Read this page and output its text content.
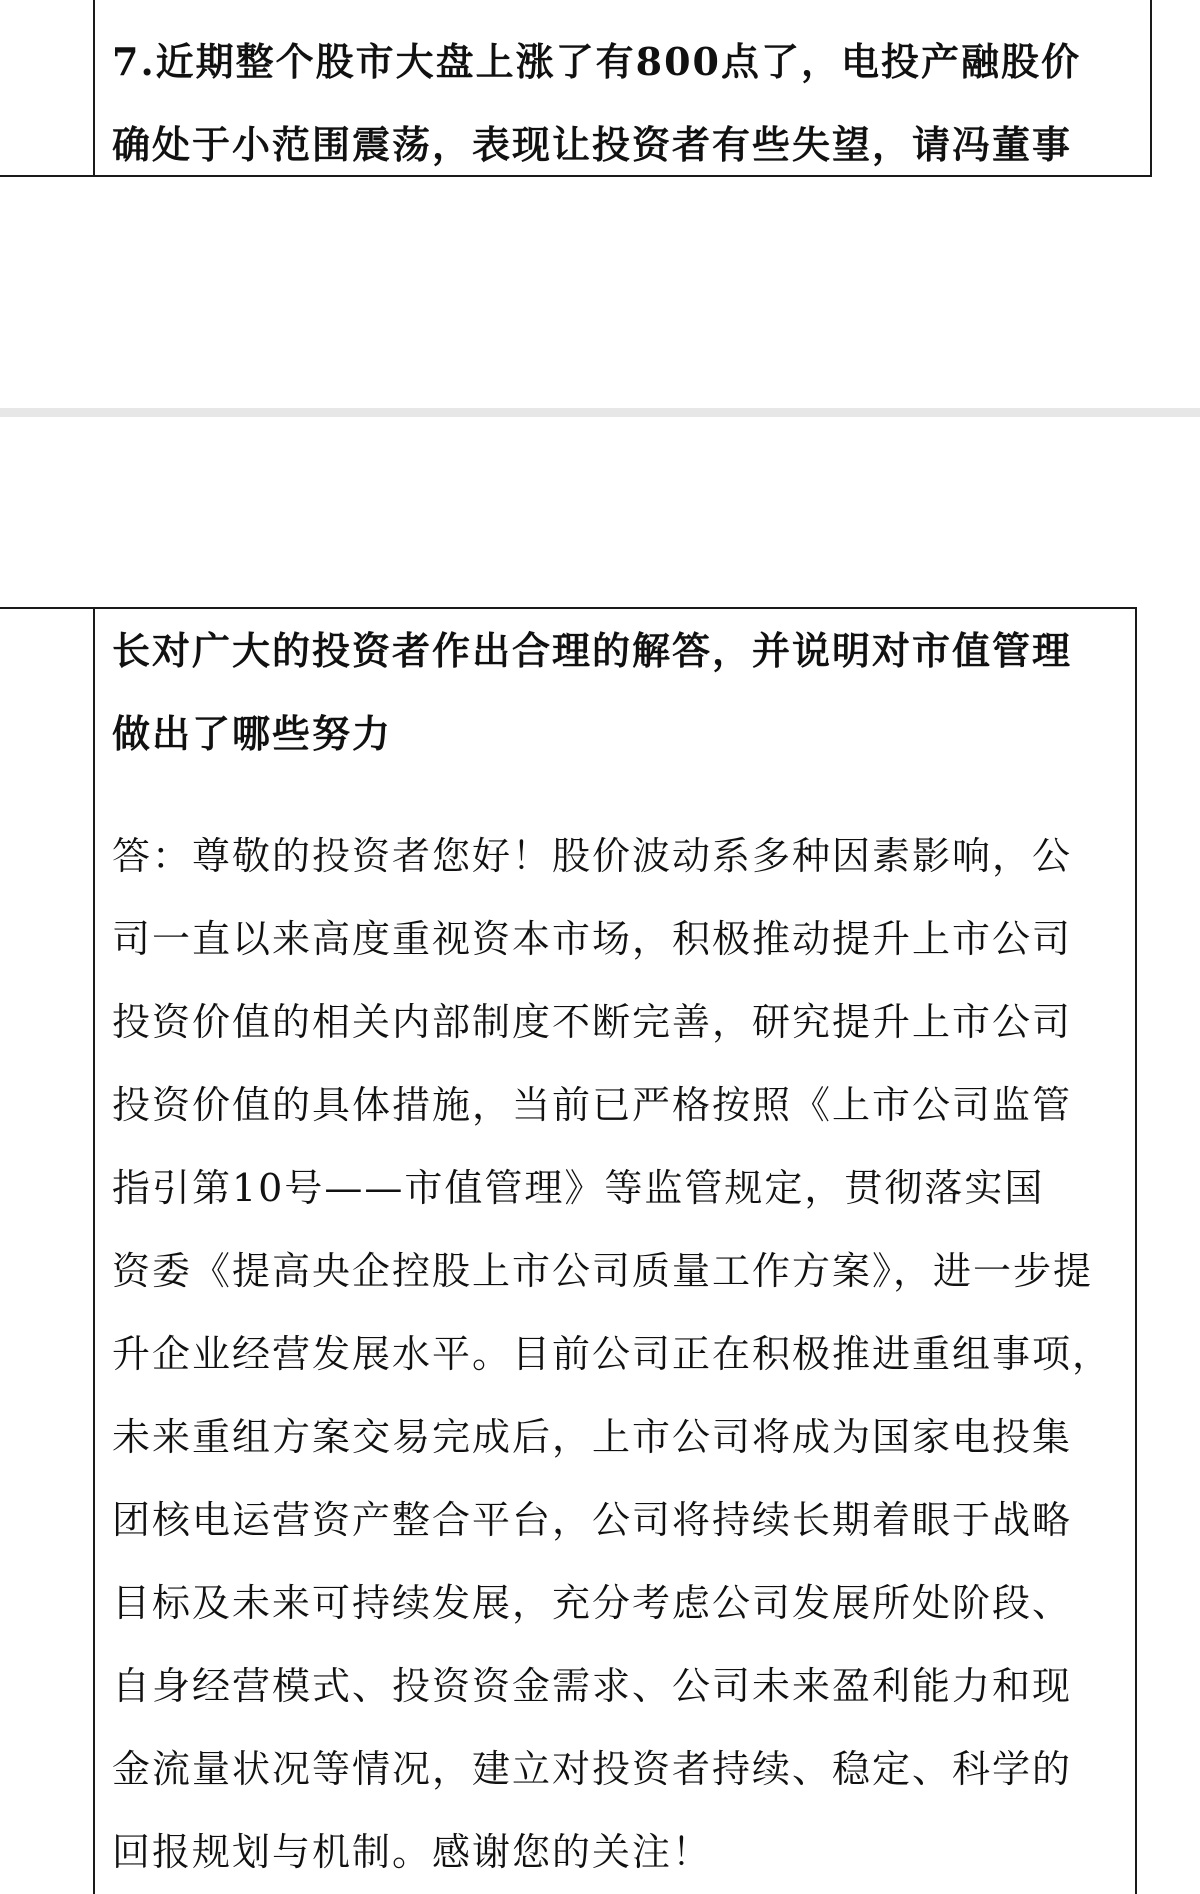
7.近期整个股市大盘上涨了有800点了，电投产融股价
确处于小范围震荡，表现让投资者有些失望，请冯董事
长对广大的投资者作出合理的解答，并说明对市值管理
做出了哪些努力
答：尊敬的投资者您好！股价波动系多种因素影响，公
司一直以来高度重视资本市场，积极推动提升上市公司
投资价值的相关内部制度不断完善，研究提升上市公司
投资价值的具体措施，当前已严格按照《上市公司监管
指引第10号——市值管理》等监管规定，贯彻落实国
资委《提高央企控股上市公司质量工作方案》，进一步提
升企业经营发展水平。目前公司正在积极推进重组事项，
未来重组方案交易完成后，上市公司将成为国家电投集
团核电运营资产整合平台，公司将持续长期着眼于战略
目标及未来可持续发展，充分考虑公司发展所处阶段、
自身经营模式、投资资金需求、公司未来盈利能力和现
金流量状况等情况，建立对投资者持续、稳定、科学的
回报规划与机制。感谢您的关注！
